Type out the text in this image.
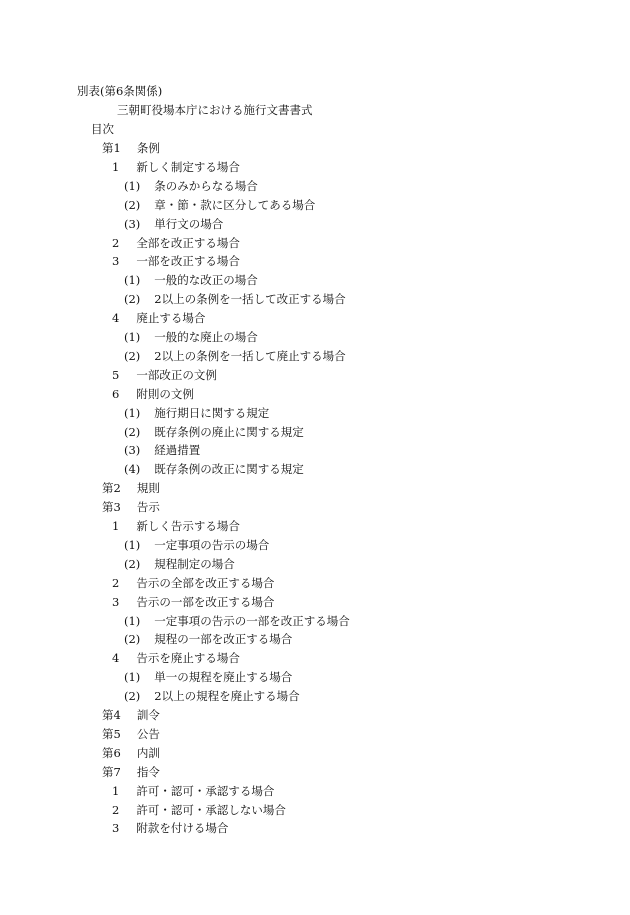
別表(第6条関係)
三朝町役場本庁における施行文書書式
目次
第1 条例
1 新しく制定する場合
(1) 条のみからなる場合
(2) 章・節・款に区分してある場合
(3) 単行文の場合
2 全部を改正する場合
3 一部を改正する場合
(1) 一般的な改正の場合
(2) 2以上の条例を一括して改正する場合
4 廃止する場合
(1) 一般的な廃止の場合
(2) 2以上の条例を一括して廃止する場合
5 一部改正の文例
6 附則の文例
(1) 施行期日に関する規定
(2) 既存条例の廃止に関する規定
(3) 経過措置
(4) 既存条例の改正に関する規定
第2 規則
第3 告示
1 新しく告示する場合
(1) 一定事項の告示の場合
(2) 規程制定の場合
2 告示の全部を改正する場合
3 告示の一部を改正する場合
(1) 一定事項の告示の一部を改正する場合
(2) 規程の一部を改正する場合
4 告示を廃止する場合
(1) 単一の規程を廃止する場合
(2) 2以上の規程を廃止する場合
第4 訓令
第5 公告
第6 内訓
第7 指令
1 許可・認可・承認する場合
2 許可・認可・承認しない場合
3 附款を付ける場合
